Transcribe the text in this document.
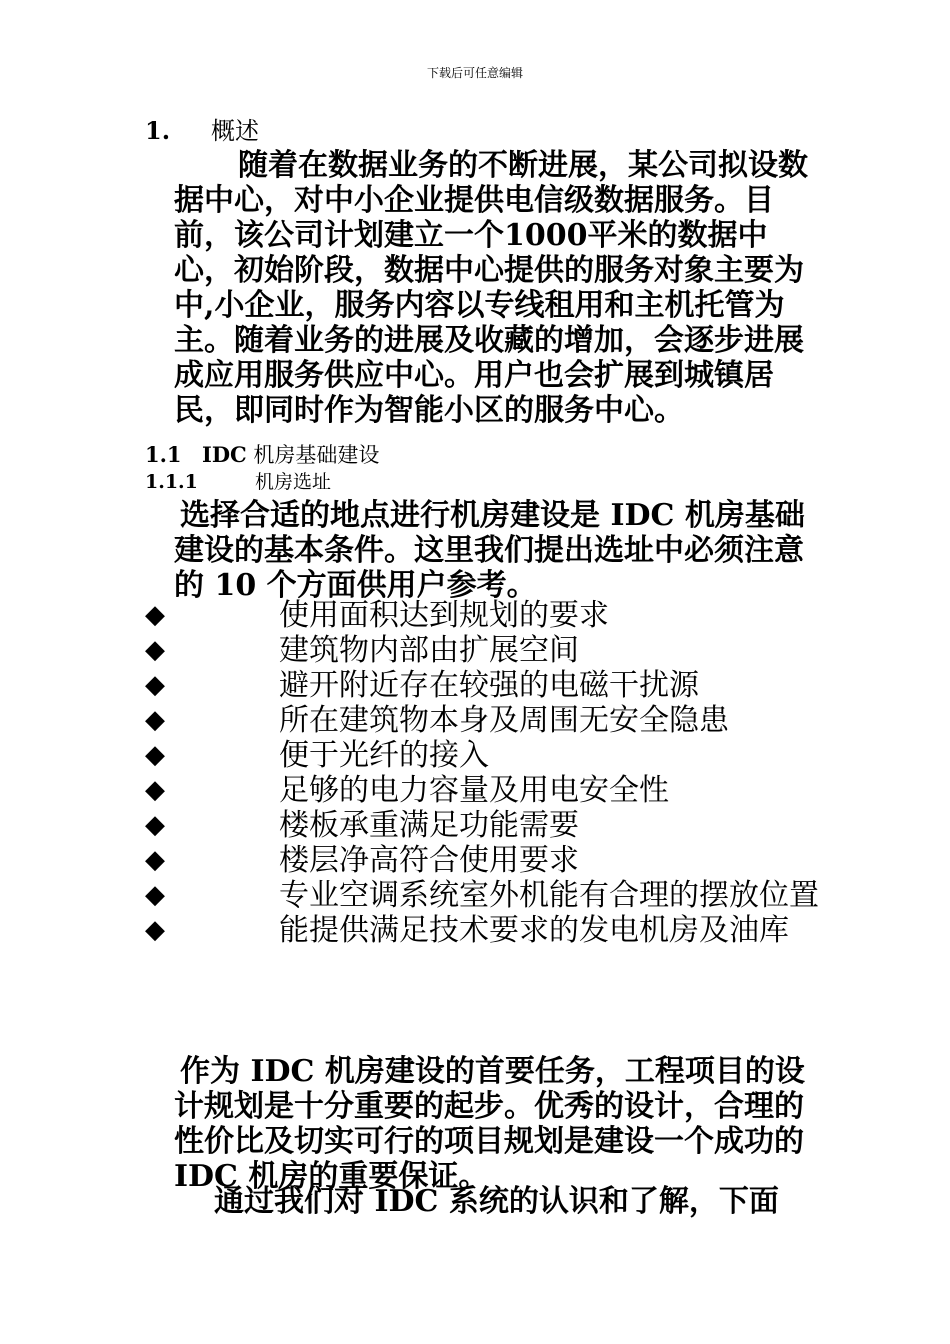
下载后可任意编辑
1. 概述

随着在数据业务的不断进展，某公司拟设数据中心，对中小企业提供电信级数据服务。目前，该公司计划建立一个1000平米的数据中心，初始阶段，数据中心提供的服务对象主要为中,小企业，服务内容以专线租用和主机托管为主。随着业务的进展及收藏的增加，会逐步进展成应用服务供应中心。用户也会扩展到城镇居民，即同时作为智能小区的服务中心。

1.1 IDC 机房基础建设
1.1.1	机房选址

选择合适的地点进行机房建设是 IDC 机房基础建设的基本条件。这里我们提出选址中必须注意的 10 个方面供用户参考。

◆	使用面积达到规划的要求
◆	建筑物内部由扩展空间
◆	避开附近存在较强的电磁干扰源
◆	所在建筑物本身及周围无安全隐患
◆	便于光纤的接入
◆	足够的电力容量及用电安全性
◆	楼板承重满足功能需要
◆	楼层净高符合使用要求
◆	专业空调系统室外机能有合理的摆放位置
◆	能提供满足技术要求的发电机房及油库

作为 IDC 机房建设的首要任务，工程项目的设计规划是十分重要的起步。优秀的设计，合理的性价比及切实可行的项目规划是建设一个成功的 IDC 机房的重要保证。

通过我们对 IDC 系统的认识和了解，下面
